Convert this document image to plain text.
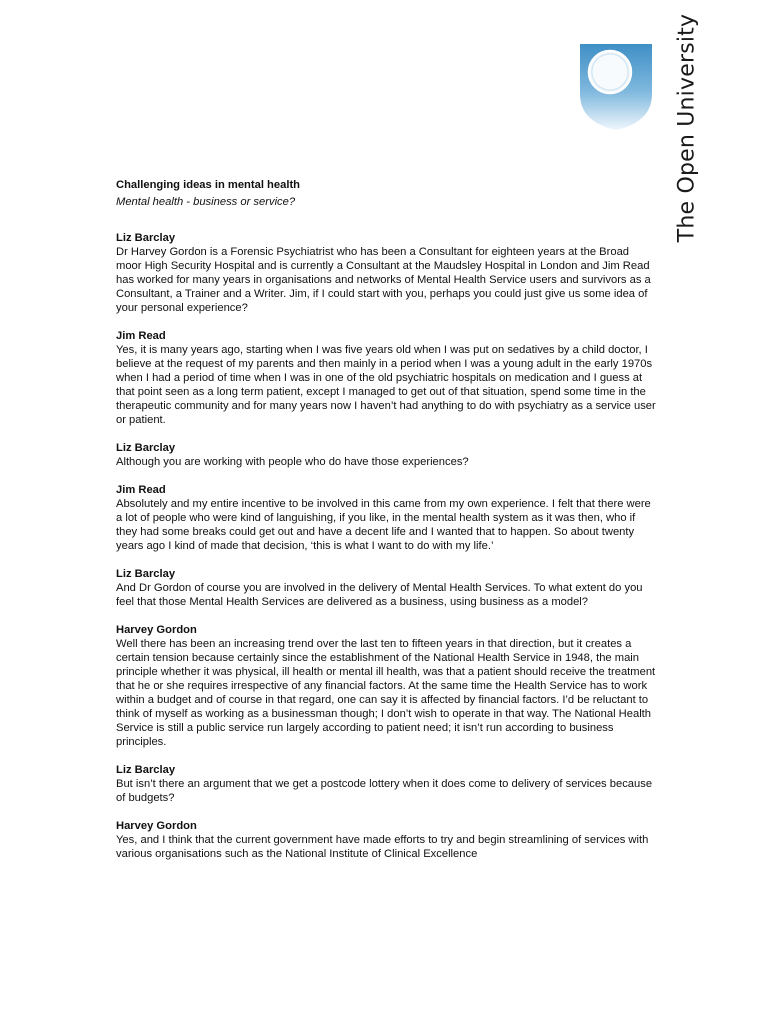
The Open University

Challenging ideas in mental health

Mental health - business or service?

Liz Barclay

Dr Harvey Gordon is a Forensic Psychiatrist who has been a Consultant for eighteen years at the Broad moor High Security Hospital and is currently a Consultant at the Maudsley Hospital in London and Jim Read has worked for many years in organisations and networks of Mental Health Service users and survivors as a Consultant, a Trainer and a Writer. Jim, if I could start with you, perhaps you could just give us some idea of your personal experience?

Jim Read

Yes, it is many years ago, starting when I was five years old when I was put on sedatives by a child doctor, I believe at the request of my parents and then mainly in a period when I was a young adult in the early 1970s when I had a period of time when I was in one of the old psychiatric hospitals on medication and I guess at that point seen as a long term patient, except I managed to get out of that situation, spend some time in the therapeutic community and for many years now I haven’t had anything to do with psychiatry as a service user or patient.

Liz Barclay

Although you are working with people who do have those experiences?

Jim Read

Absolutely and my entire incentive to be involved in this came from my own experience. I felt that there were a lot of people who were kind of languishing, if you like, in the mental health system as it was then, who if they had some breaks could get out and have a decent life and I wanted that to happen. So about twenty years ago I kind of made that decision, ‘this is what I want to do with my life.’

Liz Barclay

And Dr Gordon of course you are involved in the delivery of Mental Health Services. To what extent do you feel that those Mental Health Services are delivered as a business, using business as a model?

Harvey Gordon

Well there has been an increasing trend over the last ten to fifteen years in that direction, but it creates a certain tension because certainly since the establishment of the National Health Service in 1948, the main principle whether it was physical, ill health or mental ill health, was that a patient should receive the treatment that he or she requires irrespective of any financial factors. At the same time the Health Service has to work within a budget and of course in that regard, one can say it is affected by financial factors. I’d be reluctant to think of myself as working as a businessman though; I don’t wish to operate in that way. The National Health Service is still a public service run largely according to patient need; it isn’t run according to business principles.

Liz Barclay

But isn’t there an argument that we get a postcode lottery when it does come to delivery of services because of budgets?

Harvey Gordon

Yes, and I think that the current government have made efforts to try and begin streamlining of services with various organisations such as the National Institute of Clinical Excellence
